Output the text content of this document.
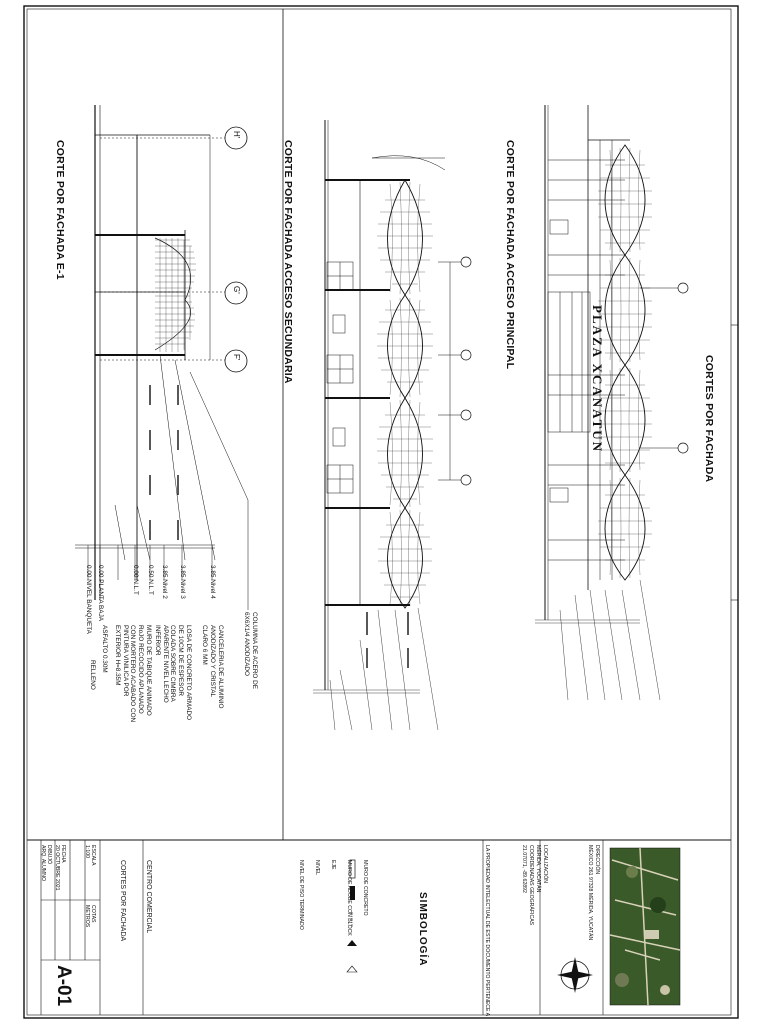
CORTE POR FACHADA E-1	CORTE POR FACHADA ACCESO SECUNDARIA	CORTE POR FACHADA ACCESO PRINCIPAL
CORTES POR FACHADA
H'
G'
F'
3.85 Nivel 4
3.85 Nivel 3
3.85 Nivel 2
0.50 N.L.T
0.00 N.L.T
0.00 PLANTA BAJA
0.00 NIVEL BANQUETA	COLUMNA DE ACERO DE
6X6X1/4 ANODIZADO
CANCELERIA DE ALUMINIO
ANODIZADO Y CRISTAL
CLARO 6 MM
LOSA DE CONCRETO ARMADO
DE 10CM DE ESPESOR
COLADA SOBRE CIMBRA
APARENTE NIVEL LECHO
INFERIOR
MURO DE TABIQUE ANIMADO
RoJO RECOCIDO APLANADO
CON MORTERO ACABADO CON
PINTURA VINILICA POR
EXTERIOR H=8.35M
ASFALTO 0.30M
RELLENO
PLAZA XCANATUN
A-01
CORTES POR FACHADA	CENTRO COMERCIAL	SIMBOLOGÍA
MURO DE CONCRETO
MURO DE ADOBE CON BLOCK
EJE
NIVEL
NIVEL DE PISO TERMINADO	LA PROPIEDAD INTELECTUAL DE ESTE DOCUMENTO PERTENECE A	LOCALIZACIÓN
MÉRIDA, YUCATÁN
COORDENADAS GEOGRÁFICAS
21.07071, -89.62892	DIRECCIÓN
MÉXICO 261 97328 MÉRIDA, YUCATÁN
ESCALA
1:100
FECHA
20 OCTUBRE 2021
DIBUJÓ
ARQ. ALUMNO
COTAS
METROS
